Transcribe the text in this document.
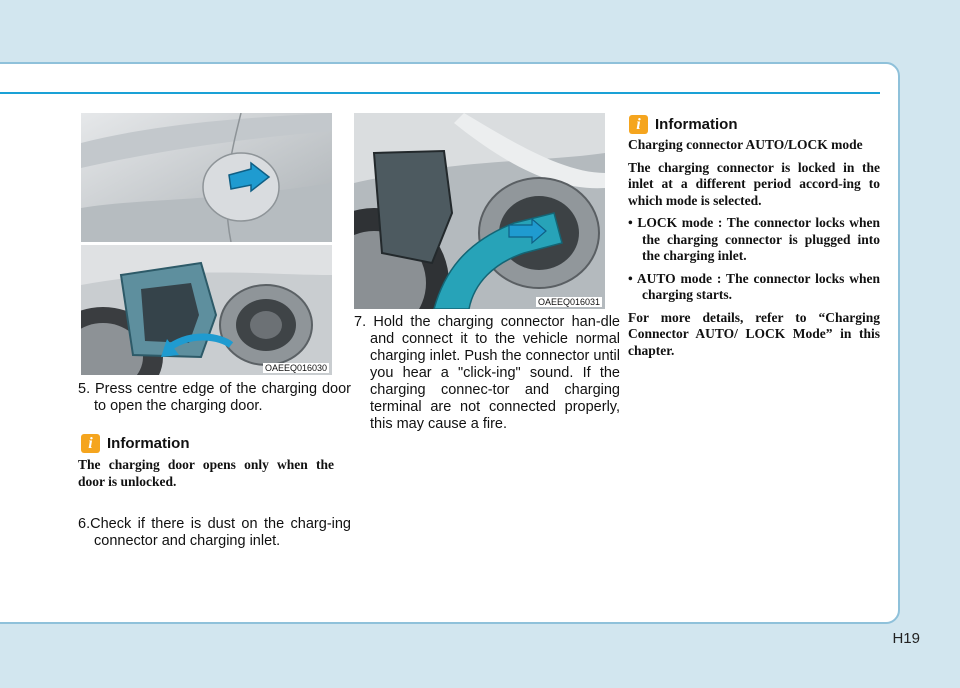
OAEEQ016030
OAEEQ016031
5. Press centre edge of the charging door to open the charging door.
i Information
The charging door opens only when the door is unlocked.
6.Check if there is dust on the charg-ing connector and charging inlet.
7. Hold the charging connector han-dle and connect it to the vehicle normal charging inlet. Push the connector until you hear a "click-ing" sound. If the charging connec-tor and charging terminal are not connected properly, this may cause a fire.
i Information

Charging connector AUTO/LOCK mode

The charging connector is locked in the inlet at a different period accord-ing to which mode is selected.

• LOCK mode : The connector locks when the charging connector is plugged into the charging inlet.

• AUTO mode : The connector locks when charging starts.

For more details, refer to “Charging Connector AUTO/ LOCK Mode” in this chapter.

H19
